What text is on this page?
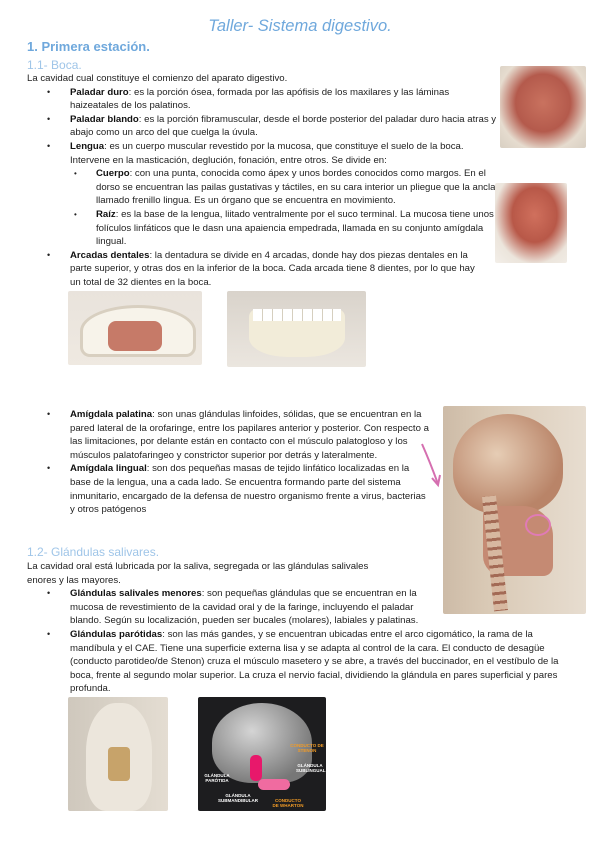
Taller- Sistema digestivo.
1. Primera estación.
1.1- Boca.
La cavidad cual constituye el comienzo del aparato digestivo.
• Paladar duro: es la porción ósea, formada por las apófisis de los maxilares y las láminas haizeatales de los palatinos.
• Paladar blando: es la porción fibramuscular, desde el borde posterior del paladar duro hacia atras y abajo como un arco del que cuelga la úvula.
• Lengua: es un cuerpo muscular revestido por la mucosa, que constituye el suelo de la boca. Intervene en la masticación, deglución, fonación, entre otros. Se divide en:
• Cuerpo: con una punta, conocida como ápex y unos bordes conocidos como margos. En el dorso se encuentran las pailas gustativas y táctiles, en su cara interior un pliegue que la ancla llamado frenillo lingua. Es un órgano que se encuentra en movimiento.
• Raíz: es la base de la lengua, liitado ventralmente por el suco terminal. La mucosa tiene unos folículos linfáticos que le dasn una apaiencia empedrada, llamada en su conjunto amígdala lingual.
• Arcadas dentales: la dentadura se divide en 4 arcadas, donde hay dos piezas dentales en la parte superior, y otras dos en la inferior de la boca. Cada arcada tiene 8 dientes, por lo que hay un total de 32 dientes en la boca.
• Amígdala palatina: son unas glándulas linfoides, sólidas, que se encuentran en la pared lateral de la orofaringe, entre los papilares anterior y posterior. Con respecto a las limitaciones, por delante están en contacto con el músculo palatogloso y los músculos palatofaringeo y constrictor superior por detrás y lateralmente.
• Amígdala lingual: son dos pequeñas masas de tejido linfático localizadas en la base de la lengua, una a cada lado. Se encuentra formando parte del sistema inmunitario, encargado de la defensa de nuestro organismo frente a virus, bacterias y otros patógenos
1.2- Glándulas salivares.
La cavidad oral está lubricada por la saliva, segregada or las glándulas salivales enores y las mayores.
• Glándulas salivales menores: son pequeñas glándulas que se encuentran en la mucosa de revestimiento de la cavidad oral y de la faringe, incluyendo el paladar blando. Según su localización, pueden ser bucales (molares), labiales y palatinas.
• Glándulas parótidas: son las más gandes, y se encuentran ubicadas entre el arco cigomático, la rama de la mandíbula y el CAE. Tiene una superficie externa lisa y se adapta al control de la cara. El conducto de desagüe (conducto parotideo/de Stenon) cruza el músculo masetero y se abre, a través del buccinador, en el vestíbulo de la boca, frente al segundo molar superior. La cruza el nervio facial, dividiendo la glándula en pares superficial y pares profunda.
CONDUCTO DE STENON
GLÁNDULA SUBLINGUAL
GLÁNDULA PARÓTIDA
GLÁNDULA SUBMANDIBULAR	CONDUCTO DE WHARTON
